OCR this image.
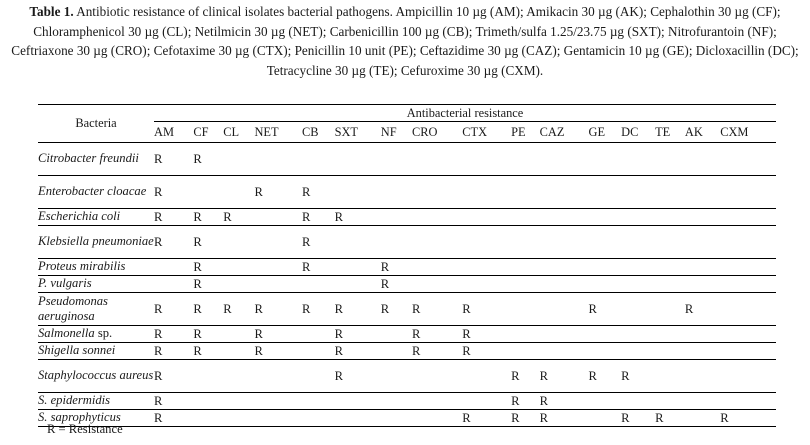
Table 1. Antibiotic resistance of clinical isolates bacterial pathogens. Ampicillin 10 µg (AM); Amikacin 30 µg (AK); Cephalothin 30 µg (CF); Chloramphenicol 30 µg (CL); Netilmicin 30 µg (NET); Carbenicillin 100 µg (CB); Trimeth/sulfa 1.25/23.75 µg (SXT); Nitrofurantoin (NF); Ceftriaxone 30 µg (CRO); Cefotaxime 30 µg (CTX); Penicillin 10 unit (PE); Ceftazidime 30 µg (CAZ); Gentamicin 10 µg (GE); Dicloxacillin (DC); Tetracycline 30 µg (TE); Cefuroxime 30 µg (CXM).
Bacteria	Antibacterial resistance															
	AM	CF	CL	NET	CB	SXT	NF	CRO	CTX	PE	CAZ	GE	DC	TE	AK	CXM
Citrobacter freundii	R	R														
Enterobacter cloacae	R			R	R											
Escherichia coli	R	R	R		R	R										
Klebsiella pneumoniae	R	R			R											
Proteus mirabilis		R			R		R									
P. vulgaris		R					R									
Pseudomonas aeruginosa	R	R	R	R	R	R	R	R	R			R			R	
Salmonella sp.	R	R		R		R		R	R							
Shigella sonnei	R	R		R		R		R	R							
Staphylococcus aureus	R					R				R	R	R	R			
S. epidermidis	R									R	R					
S. saprophyticus	R								R	R	R		R	R		R
R = Resistance
